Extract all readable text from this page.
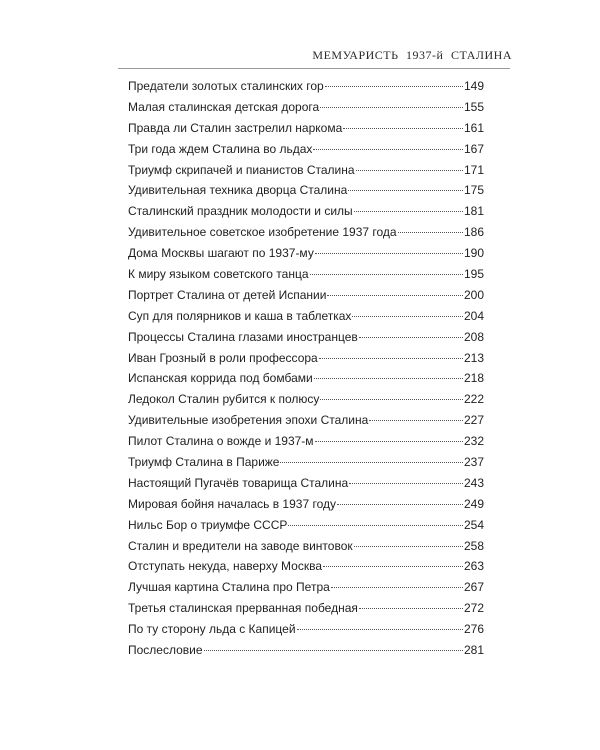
МЕМУАРИСТЬ 1937-й СТАЛИНА
Предатели золотых сталинских гор	149
Малая сталинская детская дорога	155
Правда ли Сталин застрелил наркома	161
Три года ждем Сталина во льдах	167
Триумф скрипачей и пианистов Сталина	171
Удивительная техника дворца Сталина	175
Сталинский праздник молодости и силы	181
Удивительное советское изобретение 1937 года	186
Дома Москвы шагают по 1937-му	190
К миру языком советского танца	195
Портрет Сталина от детей Испании	200
Суп для полярников и каша в таблетках	204
Процессы Сталина глазами иностранцев	208
Иван Грозный в роли профессора	213
Испанская коррида под бомбами	218
Ледокол Сталин рубится к полюсу	222
Удивительные изобретения эпохи Сталина	227
Пилот Сталина о вожде и 1937-м	232
Триумф Сталина в Париже	237
Настоящий Пугачёв товарища Сталина	243
Мировая бойня началась в 1937 году	249
Нильс Бор о триумфе СССР	254
Сталин и вредители на заводе винтовок	258
Отступать некуда, наверху Москва	263
Лучшая картина Сталина про Петра	267
Третья сталинская прерванная победная	272
По ту сторону льда с Капицей	276
Послесловие	281
